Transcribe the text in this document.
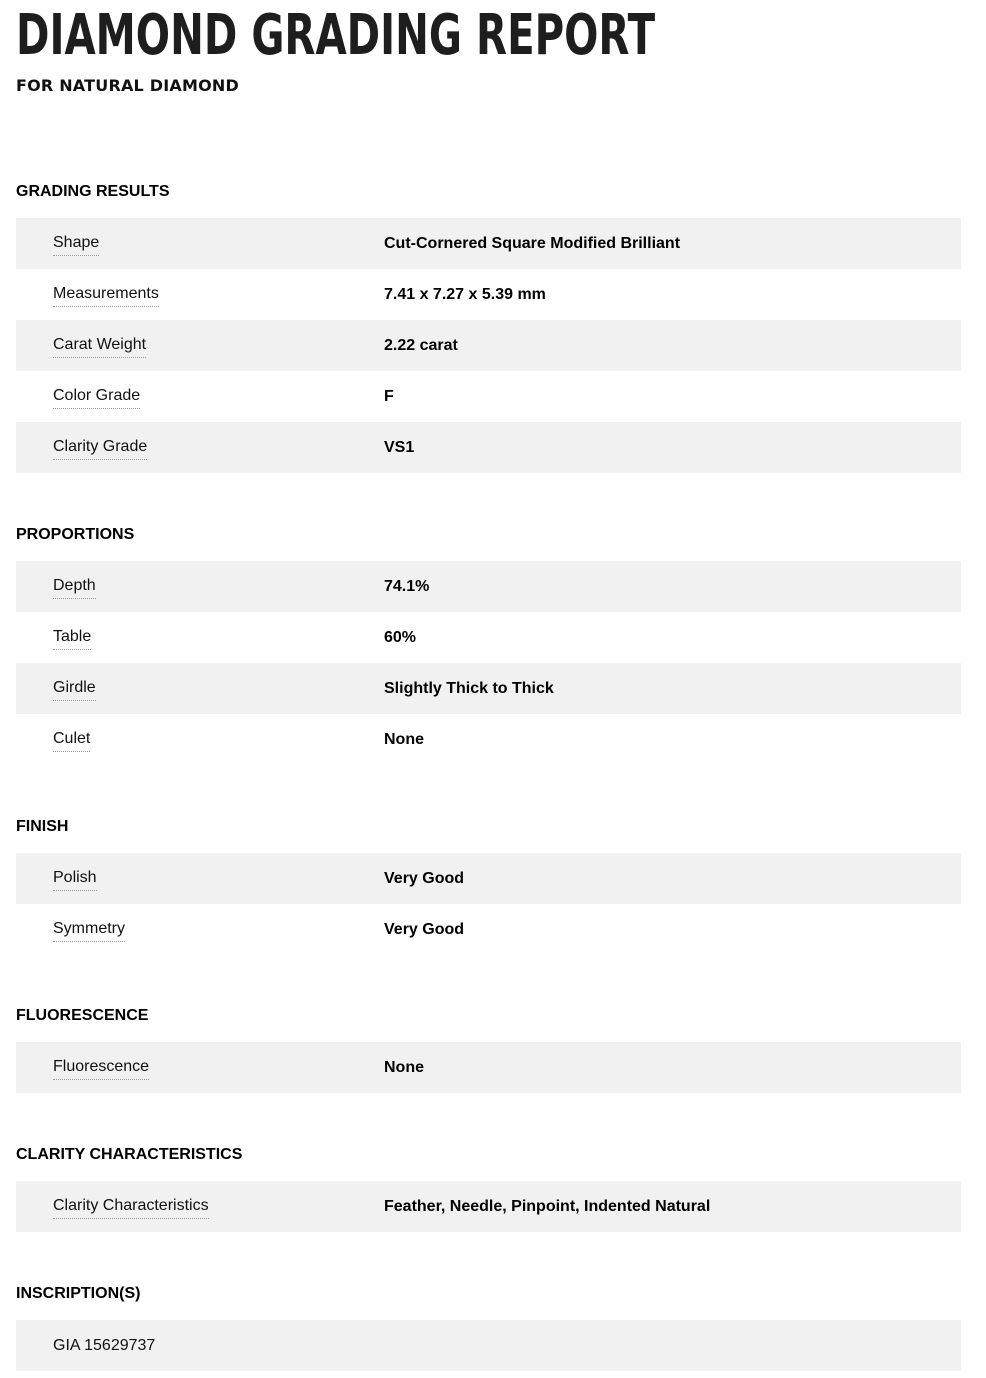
DIAMOND GRADING REPORT

FOR NATURAL DIAMOND

GRADING RESULTS
Shape	Cut-Cornered Square Modified Brilliant
Measurements	7.41 x 7.27 x 5.39 mm
Carat Weight	2.22 carat
Color Grade	F
Clarity Grade	VS1
PROPORTIONS
Depth	74.1%
Table	60%
Girdle	Slightly Thick to Thick
Culet	None
FINISH
Polish	Very Good
Symmetry	Very Good
FLUORESCENCE
Fluorescence	None
CLARITY CHARACTERISTICS
Clarity Characteristics	Feather, Needle, Pinpoint, Indented Natural
INSCRIPTION(S)
GIA 15629737
